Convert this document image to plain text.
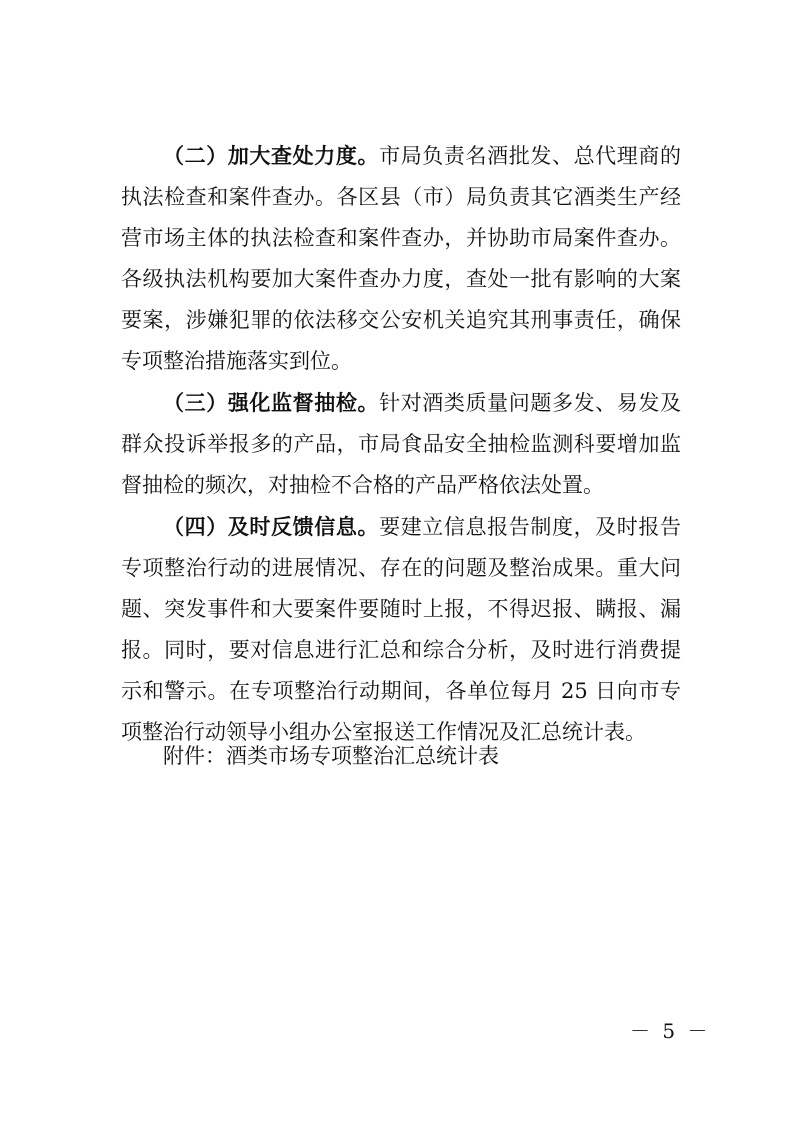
（二）加大查处力度。市局负责名酒批发、总代理商的执法检查和案件查办。各区县（市）局负责其它酒类生产经营市场主体的执法检查和案件查办，并协助市局案件查办。各级执法机构要加大案件查办力度，查处一批有影响的大案要案，涉嫌犯罪的依法移交公安机关追究其刑事责任，确保专项整治措施落实到位。

（三）强化监督抽检。针对酒类质量问题多发、易发及群众投诉举报多的产品，市局食品安全抽检监测科要增加监督抽检的频次，对抽检不合格的产品严格依法处置。

（四）及时反馈信息。要建立信息报告制度，及时报告专项整治行动的进展情况、存在的问题及整治成果。重大问题、突发事件和大要案件要随时上报，不得迟报、瞒报、漏报。同时，要对信息进行汇总和综合分析，及时进行消费提示和警示。在专项整治行动期间，各单位每月 25 日向市专项整治行动领导小组办公室报送工作情况及汇总统计表。

附件：酒类市场专项整治汇总统计表
－ 5 －
